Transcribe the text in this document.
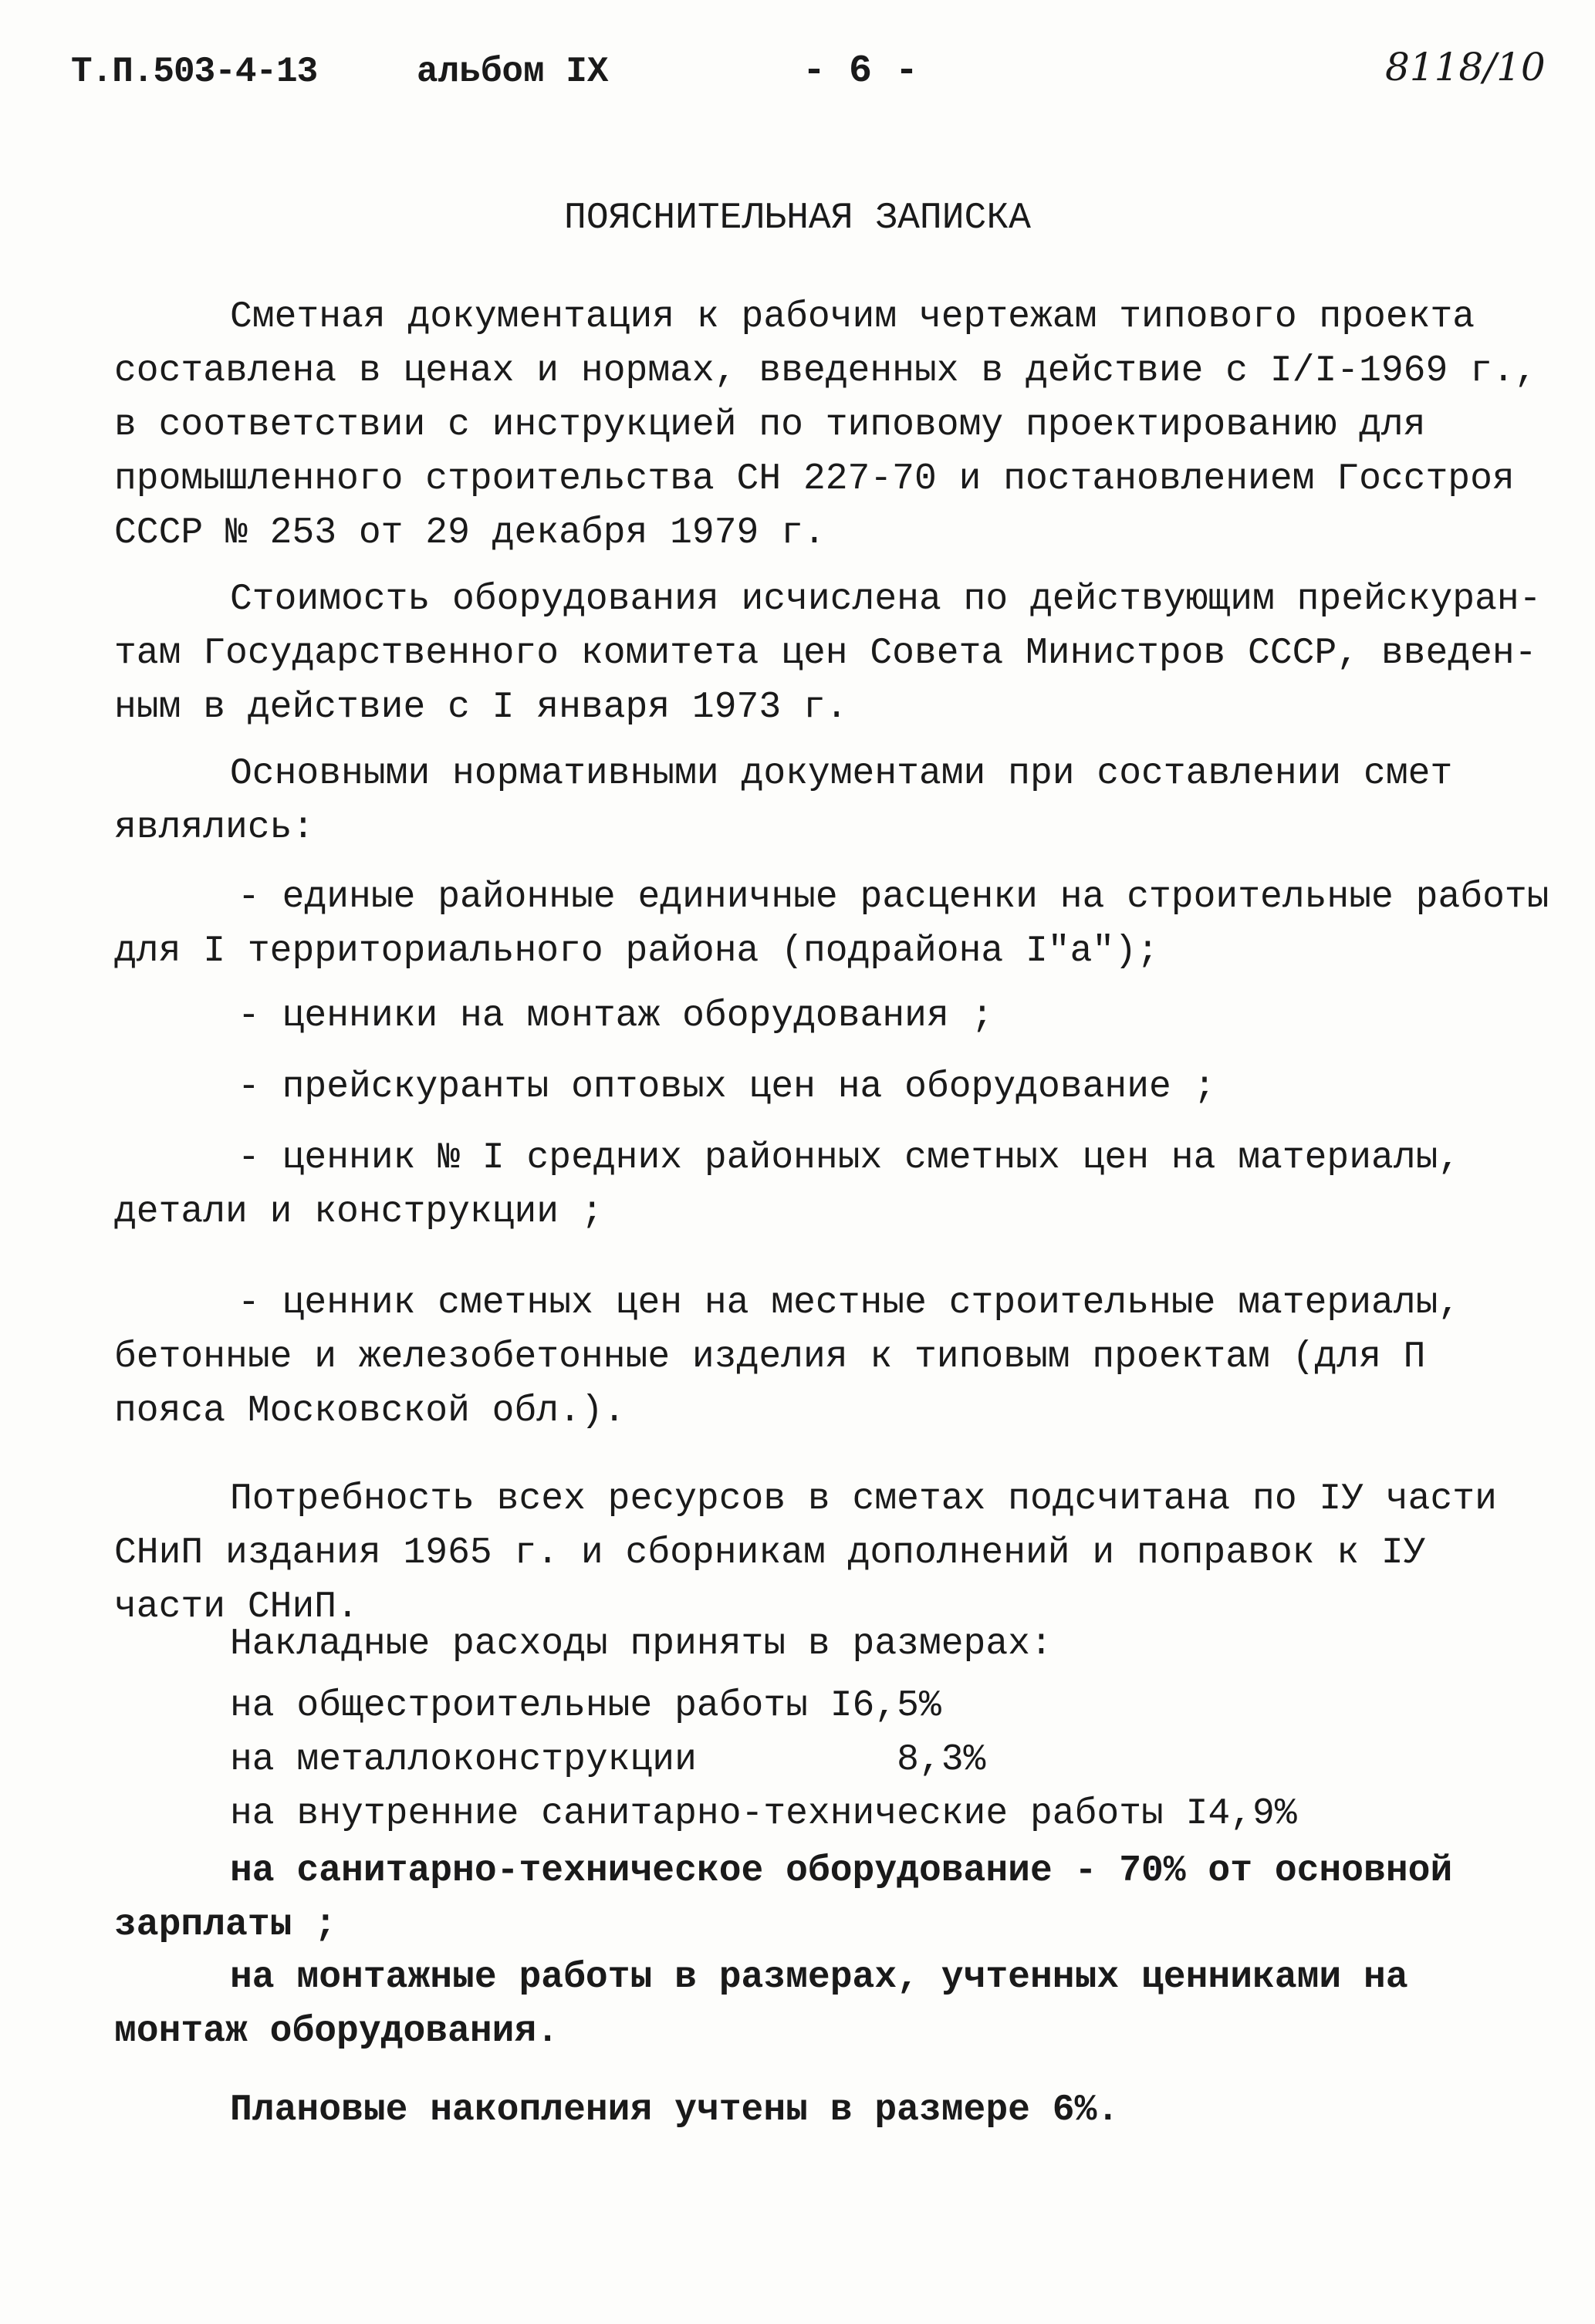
Т.П.503-4-13	альбом IX	- 6 -	8118/10
ПОЯСНИТЕЛЬНАЯ ЗАПИСКА
Сметная документация к рабочим чертежам типового проекта
составлена в ценах и нормах, введенных в действие с I/I-1969 г.,
в соответствии с инструкцией по типовому проектированию для
промышленного строительства СН 227-70 и постановлением Госстроя
СССР № 253 от 29 декабря 1979 г.
Стоимость оборудования исчислена по действующим прейскуран-
там Государственного комитета цен Совета Министров СССР, введен-
ным в действие с I января 1973 г.
Основными нормативными документами при составлении смет
являлись:
- единые районные единичные расценки на строительные работы
для I территориального района (подрайона I"а");
- ценники на монтаж оборудования ;
- прейскуранты оптовых цен на оборудование ;
- ценник № I средних районных сметных цен на материалы,
детали и конструкции ;
- ценник сметных цен на местные строительные материалы,
бетонные и железобетонные изделия к типовым проектам (для П
пояса Московской обл.).
Потребность всех ресурсов в сметах подсчитана по IУ части
СНиП издания 1965 г. и сборникам дополнений и поправок к IУ
части СНиП.
Накладные расходы приняты в размерах:
на общестроительные работы I6,5%
на металлоконструкции         8,3%
на внутренние санитарно-технические работы I4,9%
на санитарно-техническое оборудование - 70% от основной
зарплаты ;
на монтажные работы в размерах, учтенных ценниками на
монтаж оборудования.
Плановые накопления учтены в размере 6%.
